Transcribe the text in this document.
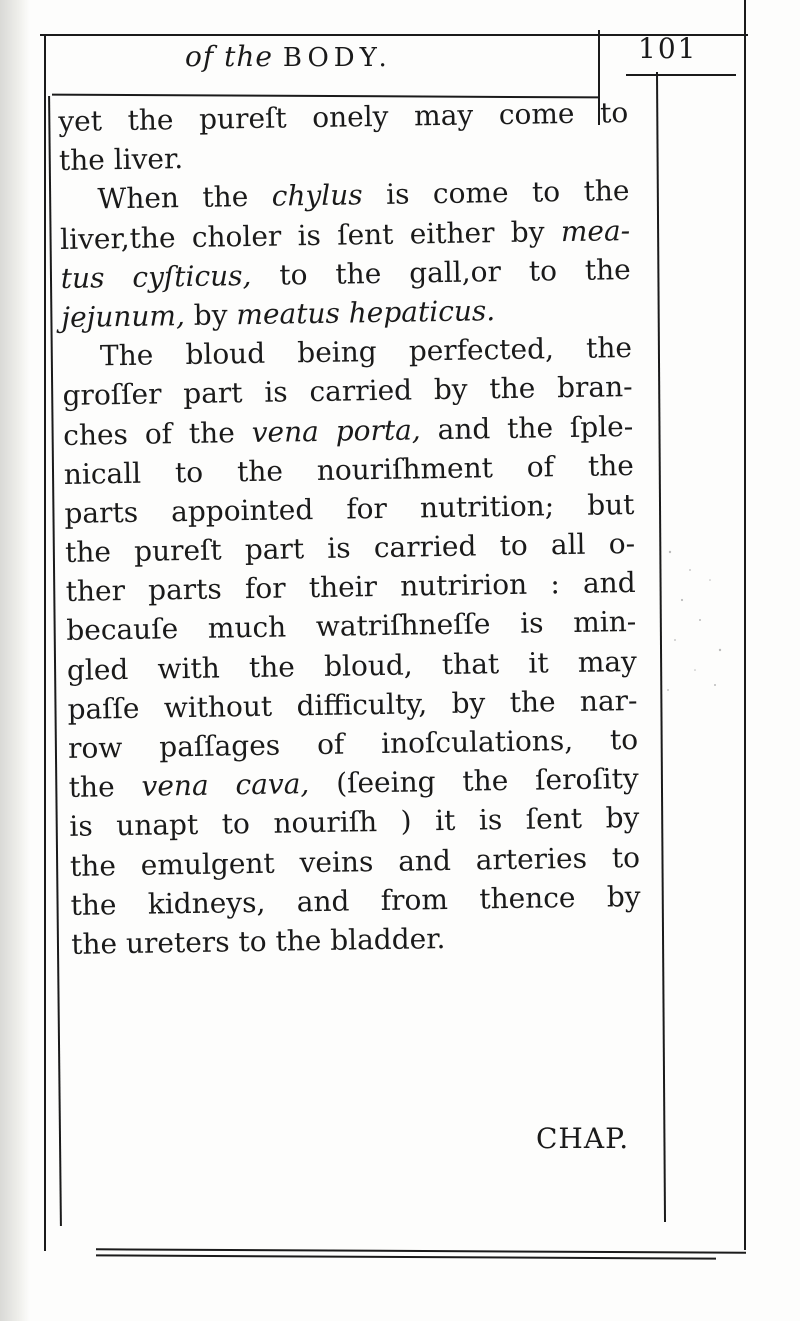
of the BODY.	101
yet the pureſt onely may come to
the liver.
When the chylus is come to the
liver,the choler is ſent either by mea-
tus cyſticus, to the gall,or to the
jejunum, by meatus hepaticus.
The bloud being perfected, the
groſſer part is carried by the bran-
ches of the vena porta, and the ſple-
nicall to the nouriſhment of the
parts appointed for nutrition; but
the pureſt part is carried to all o-
ther parts for their nutririon : and
becauſe much watriſhneſſe is min-
gled with the bloud, that it may
paſſe without difficulty, by the nar-
row paſſages of inoſculations, to
the vena cava, (ſeeing the ſeroſity
is unapt to nouriſh ) it is ſent by
the emulgent veins and arteries to
the kidneys, and from thence by
the ureters to the bladder.
CHAP.
